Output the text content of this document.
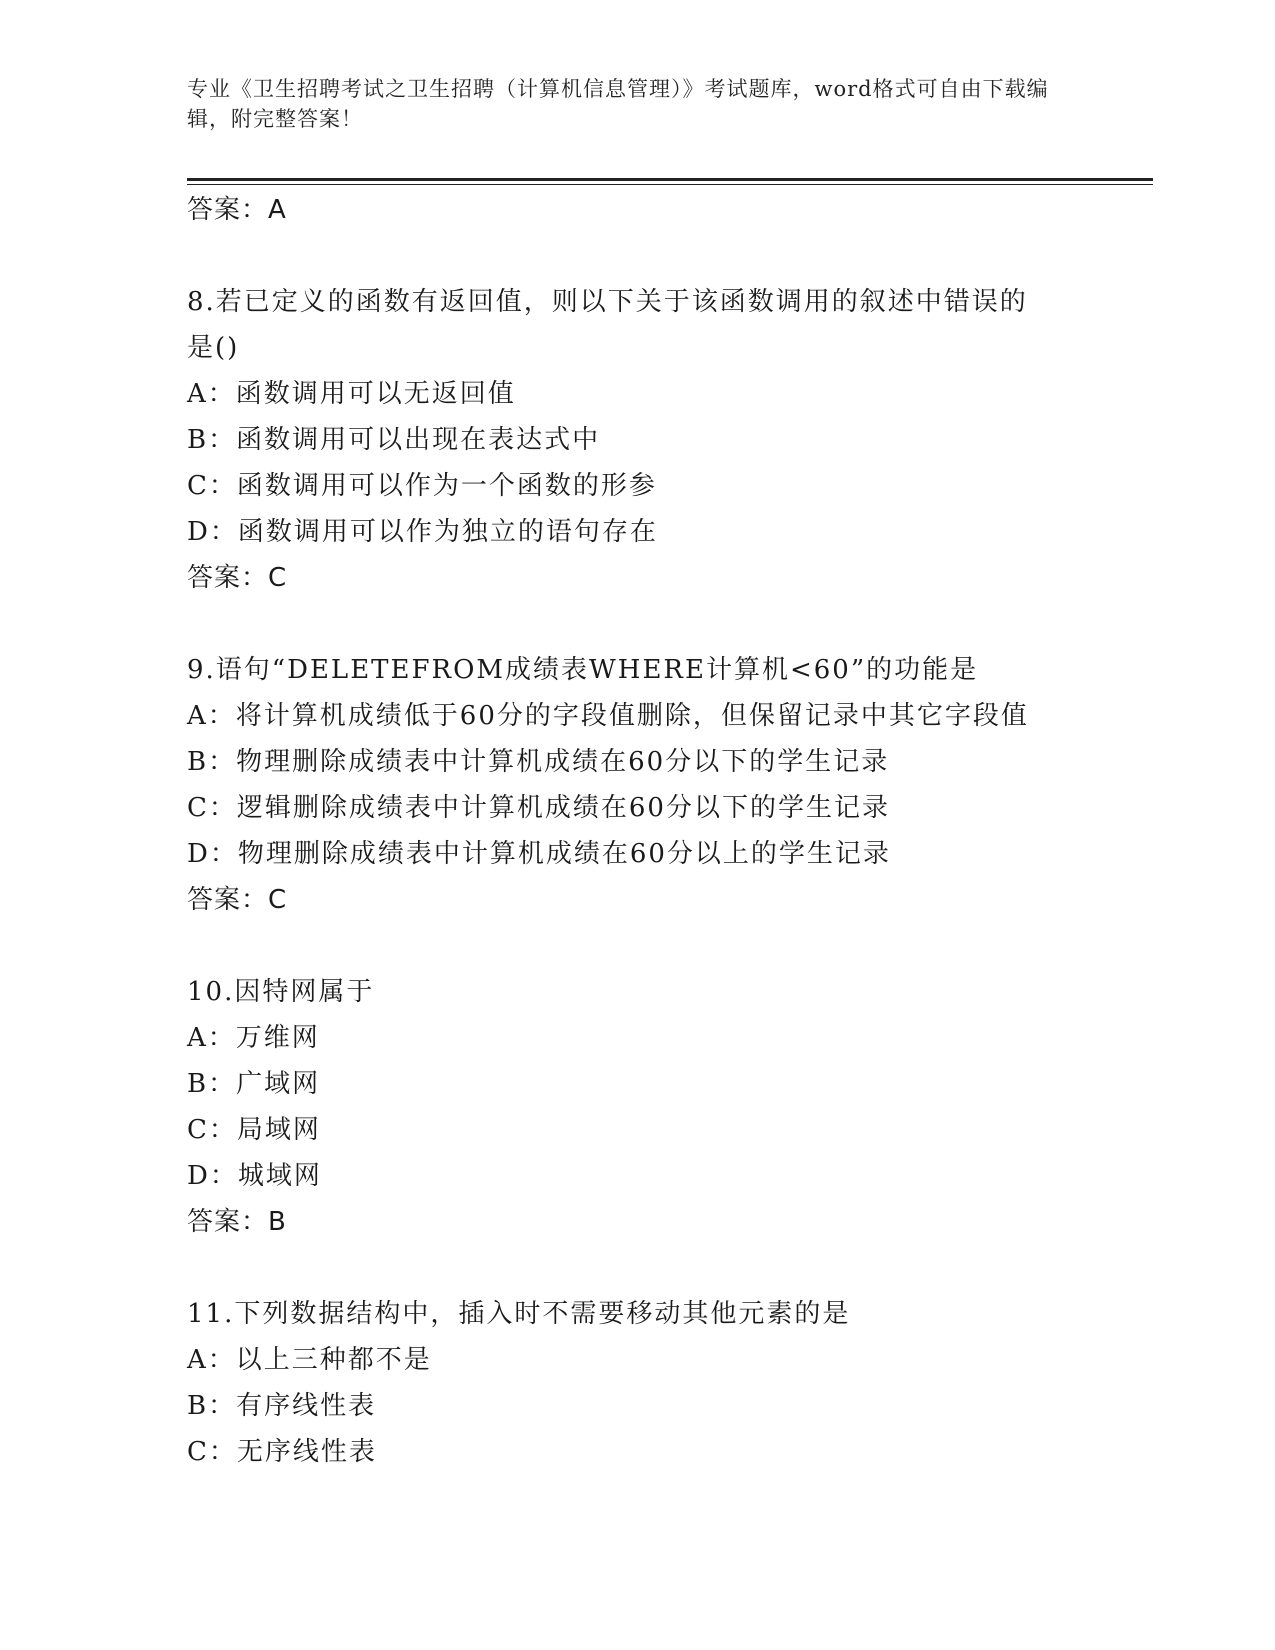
专业《卫生招聘考试之卫生招聘（计算机信息管理）》考试题库，word格式可自由下载编辑，附完整答案！
答案：A
8.若已定义的函数有返回值，则以下关于该函数调用的叙述中错误的
是()
A：函数调用可以无返回值
B：函数调用可以出现在表达式中
C：函数调用可以作为一个函数的形参
D：函数调用可以作为独立的语句存在
答案：C
9.语句“DELETEFROM成绩表WHERE计算机<60”的功能是
A：将计算机成绩低于60分的字段值删除，但保留记录中其它字段值
B：物理删除成绩表中计算机成绩在60分以下的学生记录
C：逻辑删除成绩表中计算机成绩在60分以下的学生记录
D：物理删除成绩表中计算机成绩在60分以上的学生记录
答案：C
10.因特网属于
A：万维网
B：广域网
C：局域网
D：城域网
答案：B
11.下列数据结构中，插入时不需要移动其他元素的是
A：以上三种都不是
B：有序线性表
C：无序线性表
